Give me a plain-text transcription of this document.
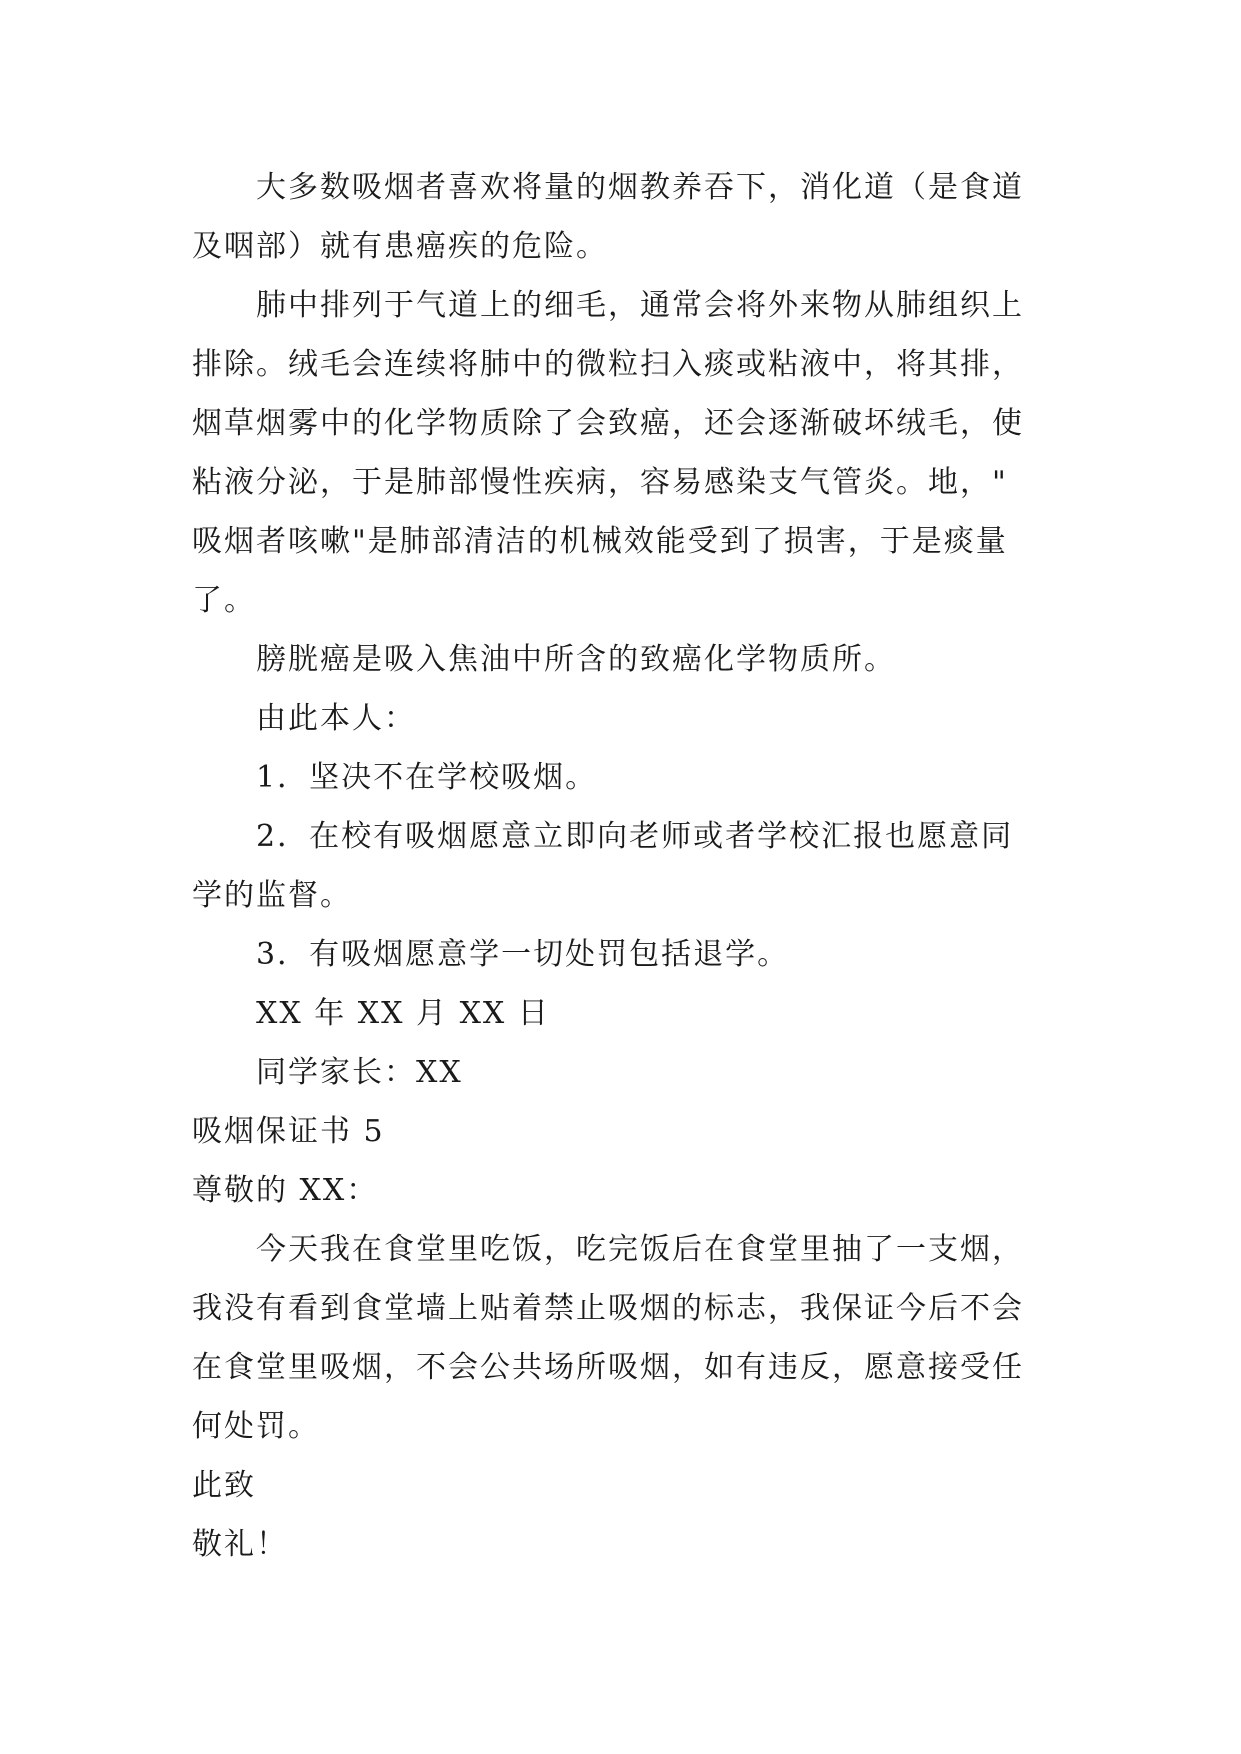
大多数吸烟者喜欢将量的烟教养吞下，消化道（是食道

及咽部）就有患癌疾的危险。

肺中排列于气道上的细毛，通常会将外来物从肺组织上

排除。绒毛会连续将肺中的微粒扫入痰或粘液中，将其排，

烟草烟雾中的化学物质除了会致癌，还会逐渐破坏绒毛，使

粘液分泌，于是肺部慢性疾病，容易感染支气管炎。地，"

吸烟者咳嗽"是肺部清洁的机械效能受到了损害，于是痰量

了。

膀胱癌是吸入焦油中所含的致癌化学物质所。

由此本人：

1．坚决不在学校吸烟。

2．在校有吸烟愿意立即向老师或者学校汇报也愿意同

学的监督。

3．有吸烟愿意学一切处罚包括退学。

XX 年 XX 月 XX 日

同学家长：XX

吸烟保证书 5

尊敬的 XX：

今天我在食堂里吃饭，吃完饭后在食堂里抽了一支烟，

我没有看到食堂墙上贴着禁止吸烟的标志，我保证今后不会

在食堂里吸烟，不会公共场所吸烟，如有违反，愿意接受任

何处罚。

此致

敬礼！
